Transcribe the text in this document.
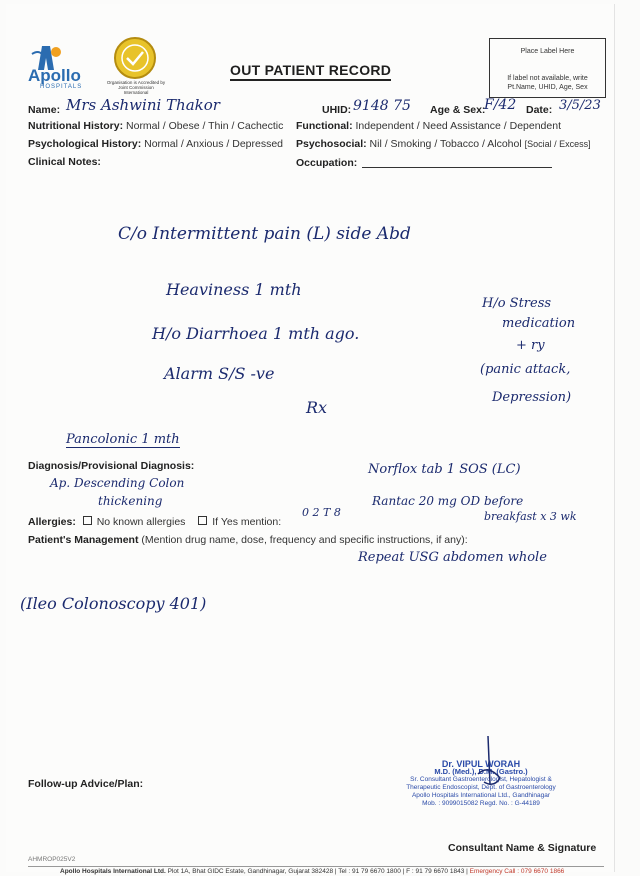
Apollo
HOSPITALS
Organisation is Accredited by Joint Commission International
OUT PATIENT RECORD
Place Label Here
If label not available, write Pt.Name, UHID, Age, Sex
Name: Mrs Ashwini Thakor	UHID: 9148 75 Age & Sex:
F/42 Date: 3/5/23
Nutritional History: Normal / Obese / Thin / Cachectic Functional: Independent / Need Assistance / Dependent
Psychological History: Normal / Anxious / Depressed Psychosocial: Nil / Smoking / Tobacco / Alcohol [Social / Excess]
Clinical Notes:	Occupation:
C/o Intermittent pain (L) side Abd
Heaviness 1 mth
H/o Diarrhoea 1 mth ago.
Alarm S/S -ve
H/o Stress
medication
+ ry
(panic attack,
Depression)
Rx
Pancolonic 1 mth
Diagnosis/Provisional Diagnosis:
Ap. Descending Colon
thickening
Norflox tab 1 SOS (LC)
Rantac 20 mg OD before
breakfast x 3 wk
0 2 T 8
Repeat USG abdomen whole
Allergies: No known allergies	If Yes mention:
Patient's Management (Mention drug name, dose, frequency and specific instructions, if any):
(Ileo Colonoscopy 401)
Follow-up Advice/Plan:
Dr. VIPUL WORAH
M.D. (Med.), D.M. (Gastro.)
Sr. Consultant Gastroenterologist, Hepatologist &
Therapeutic Endoscopist, Dept. of Gastroenterology
Apollo Hospitals International Ltd., Gandhinagar
Mob. : 9099015082 Regd. No. : G-44189
Consultant Name & Signature
AHMROP025V2
Apollo Hospitals International Ltd. Plot 1A, Bhat GIDC Estate, Gandhinagar, Gujarat 382428 | Tel : 91 79 6670 1800 | F : 91 79 6670 1843 | Emergency Call : 079 6670 1866
